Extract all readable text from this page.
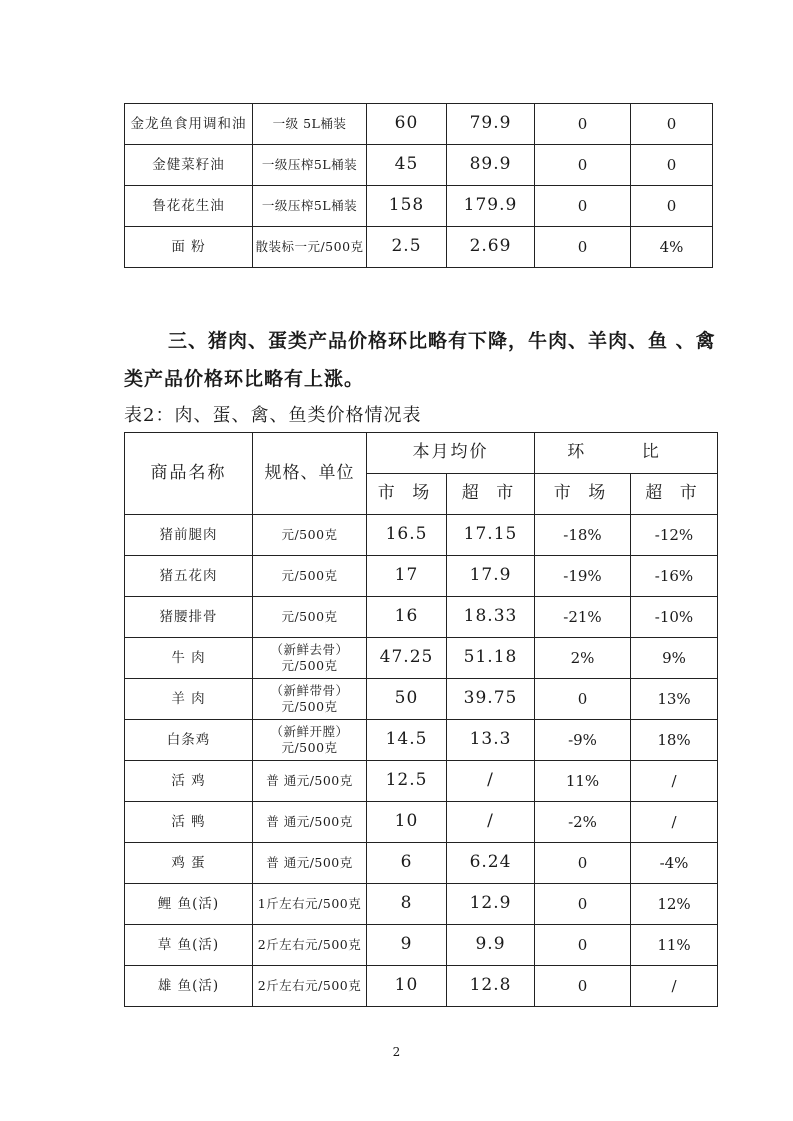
金龙鱼食用调和油	一级 5L桶装	60	79.9	0	0
金健菜籽油	一级压榨5L桶装	45	89.9	0	0
鲁花花生油	一级压榨5L桶装	158	179.9	0	0
面 粉	散装标一元/500克	2.5	2.69	0	4%

三、猪肉、蛋类产品价格环比略有下降，牛肉、羊肉、鱼 、禽类产品价格环比略有上涨。

表2：肉、蛋、禽、鱼类价格情况表

商品名称	规格、单位	本月均价		环 比	
		市 场	超 市	市 场	超 市
猪前腿肉	元/500克	16.5	17.15	-18%	-12%
猪五花肉	元/500克	17	17.9	-19%	-16%
猪腰排骨	元/500克	16	18.33	-21%	-10%
牛 肉	（新鲜去骨）元/500克	47.25	51.18	2%	9%
羊 肉	（新鲜带骨）元/500克	50	39.75	0	13%
白条鸡	（新鲜开膛）元/500克	14.5	13.3	-9%	18%
活 鸡	普 通元/500克	12.5	/	11%	/
活 鸭	普 通元/500克	10	/	-2%	/
鸡 蛋	普 通元/500克	6	6.24	0	-4%
鲤 鱼(活)	1斤左右元/500克	8	12.9	0	12%
草 鱼(活)	2斤左右元/500克	9	9.9	0	11%
雄 鱼(活)	2斤左右元/500克	10	12.8	0	/
2
